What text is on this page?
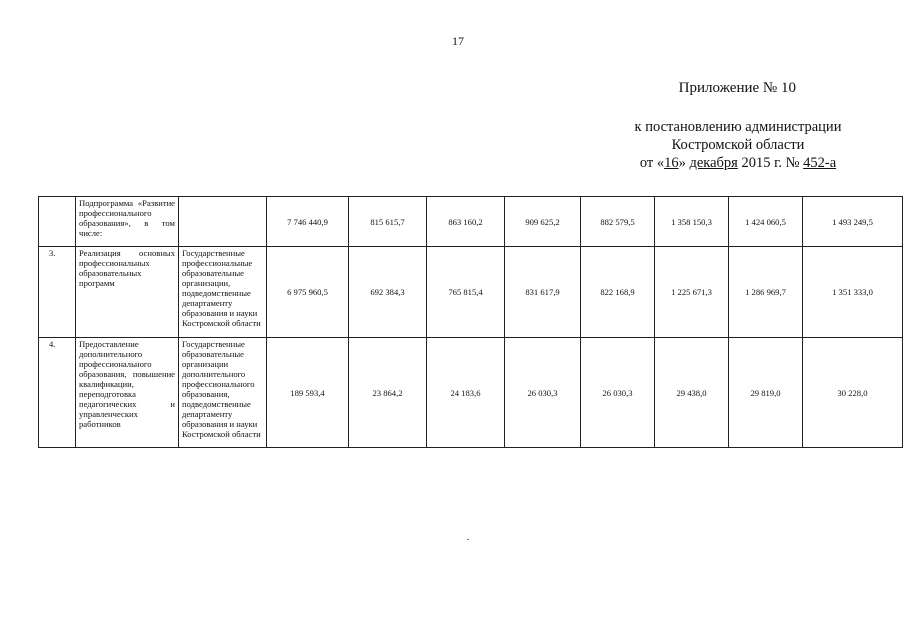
17
Приложение № 10
к постановлению администрации
Костромской области
от «16» декабря 2015 г. № 452-а
	Подпрограмма «Развитие профессионального образования», в том числе:		7 746 440,9	815 615,7	863 160,2	909 625,2	882 579,5	1 358 150,3	1 424 060,5	1 493 249,5
3.	Реализация основных профессиональных образовательных программ	Государственные профессиональные образовательные организации, подведомственные департаменту образования и науки Костромской области	6 975 960,5	692 384,3	765 815,4	831 617,9	822 168,9	1 225 671,3	1 286 969,7	1 351 333,0
4.	Предоставление дополнительного профессионального образования, повышение квалификации, переподготовка педагогических и управленческих работников	Государственные образовательные организации дополнительного профессионального образования, подведомственные департаменту образования и науки Костромской области	189 593,4	23 864,2	24 183,6	26 030,3	26 030,3	29 438,0	29 819,0	30 228,0
